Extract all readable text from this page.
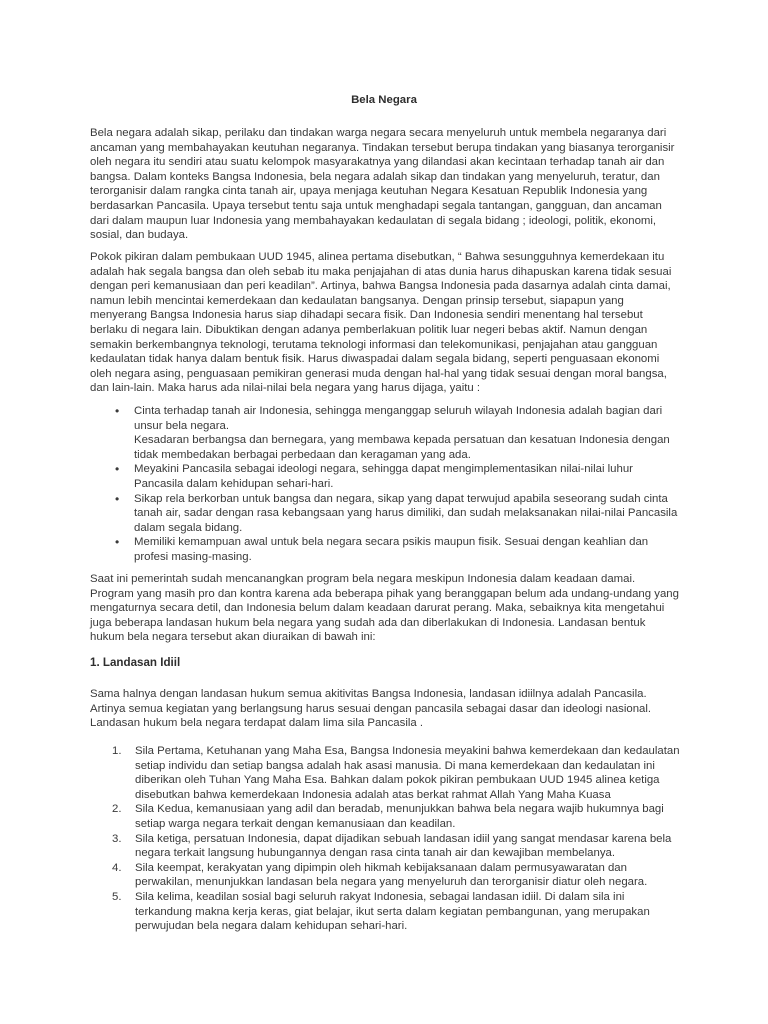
Bela Negara

Bela negara adalah sikap, perilaku dan tindakan warga negara secara menyeluruh untuk membela negaranya dari ancaman yang membahayakan keutuhan negaranya. Tindakan tersebut berupa tindakan yang biasanya terorganisir oleh negara itu sendiri atau suatu kelompok masyarakatnya yang dilandasi akan kecintaan terhadap tanah air dan bangsa. Dalam konteks Bangsa Indonesia, bela negara adalah sikap dan tindakan yang menyeluruh, teratur, dan terorganisir dalam rangka cinta tanah air, upaya menjaga keutuhan Negara Kesatuan Republik Indonesia yang berdasarkan Pancasila. Upaya tersebut tentu saja untuk menghadapi segala tantangan, gangguan, dan ancaman dari dalam maupun luar Indonesia yang membahayakan kedaulatan di segala bidang ; ideologi, politik, ekonomi, sosial, dan budaya.

Pokok pikiran dalam pembukaan UUD 1945, alinea pertama disebutkan, “ Bahwa sesungguhnya kemerdekaan itu adalah hak segala bangsa dan oleh sebab itu maka penjajahan di atas dunia harus dihapuskan karena tidak sesuai dengan peri kemanusiaan dan peri keadilan”. Artinya, bahwa Bangsa Indonesia pada dasarnya adalah cinta damai, namun lebih mencintai kemerdekaan dan kedaulatan bangsanya. Dengan prinsip tersebut, siapapun yang menyerang Bangsa Indonesia harus siap dihadapi secara fisik. Dan Indonesia sendiri menentang hal tersebut berlaku di negara lain. Dibuktikan dengan adanya pemberlakuan politik luar negeri bebas aktif. Namun dengan semakin berkembangnya teknologi, terutama teknologi informasi dan telekomunikasi, penjajahan atau gangguan kedaulatan tidak hanya dalam bentuk fisik. Harus diwaspadai dalam segala bidang, seperti penguasaan ekonomi oleh negara asing, penguasaan pemikiran generasi muda dengan hal-hal yang tidak sesuai dengan moral bangsa, dan lain-lain. Maka harus ada nilai-nilai bela negara yang harus dijaga, yaitu :

• Cinta terhadap tanah air Indonesia, sehingga menganggap seluruh wilayah Indonesia adalah bagian dari unsur bela negara.
Kesadaran berbangsa dan bernegara, yang membawa kepada persatuan dan kesatuan Indonesia dengan tidak membedakan berbagai perbedaan dan keragaman yang ada.
• Meyakini Pancasila sebagai ideologi negara, sehingga dapat mengimplementasikan nilai-nilai luhur Pancasila dalam kehidupan sehari-hari.
• Sikap rela berkorban untuk bangsa dan negara, sikap yang dapat terwujud apabila seseorang sudah cinta tanah air, sadar dengan rasa kebangsaan yang harus dimiliki, dan sudah melaksanakan nilai-nilai Pancasila dalam segala bidang.
• Memiliki kemampuan awal untuk bela negara secara psikis maupun fisik. Sesuai dengan keahlian dan profesi masing-masing.

Saat ini pemerintah sudah mencanangkan program bela negara meskipun Indonesia dalam keadaan damai. Program yang masih pro dan kontra karena ada beberapa pihak yang beranggapan belum ada undang-undang yang mengaturnya secara detil, dan Indonesia belum dalam keadaan darurat perang. Maka, sebaiknya kita mengetahui juga beberapa landasan hukum bela negara yang sudah ada dan diberlakukan di Indonesia. Landasan bentuk hukum bela negara tersebut akan diuraikan di bawah ini:

1. Landasan Idiil

Sama halnya dengan landasan hukum semua akitivitas Bangsa Indonesia, landasan idiilnya adalah Pancasila. Artinya semua kegiatan yang berlangsung harus sesuai dengan pancasila sebagai dasar dan ideologi nasional. Landasan hukum bela negara terdapat dalam lima sila Pancasila .

1. Sila Pertama, Ketuhanan yang Maha Esa, Bangsa Indonesia meyakini bahwa kemerdekaan dan kedaulatan setiap individu dan setiap bangsa adalah hak asasi manusia. Di mana kemerdekaan dan kedaulatan ini diberikan oleh Tuhan Yang Maha Esa. Bahkan dalam pokok pikiran pembukaan UUD 1945 alinea ketiga disebutkan bahwa kemerdekaan Indonesia adalah atas berkat rahmat Allah Yang Maha Kuasa
2. Sila Kedua, kemanusiaan yang adil dan beradab, menunjukkan bahwa bela negara wajib hukumnya bagi setiap warga negara terkait dengan kemanusiaan dan keadilan.
3. Sila ketiga, persatuan Indonesia, dapat dijadikan sebuah landasan idiil yang sangat mendasar karena bela negara terkait langsung hubungannya dengan rasa cinta tanah air dan kewajiban membelanya.
4. Sila keempat, kerakyatan yang dipimpin oleh hikmah kebijaksanaan dalam permusyawaratan dan perwakilan, menunjukkan landasan bela negara yang menyeluruh dan terorganisir diatur oleh negara.
5. Sila kelima, keadilan sosial bagi seluruh rakyat Indonesia, sebagai landasan idiil. Di dalam sila ini terkandung makna kerja keras, giat belajar, ikut serta dalam kegiatan pembangunan, yang merupakan perwujudan bela negara dalam kehidupan sehari-hari.
